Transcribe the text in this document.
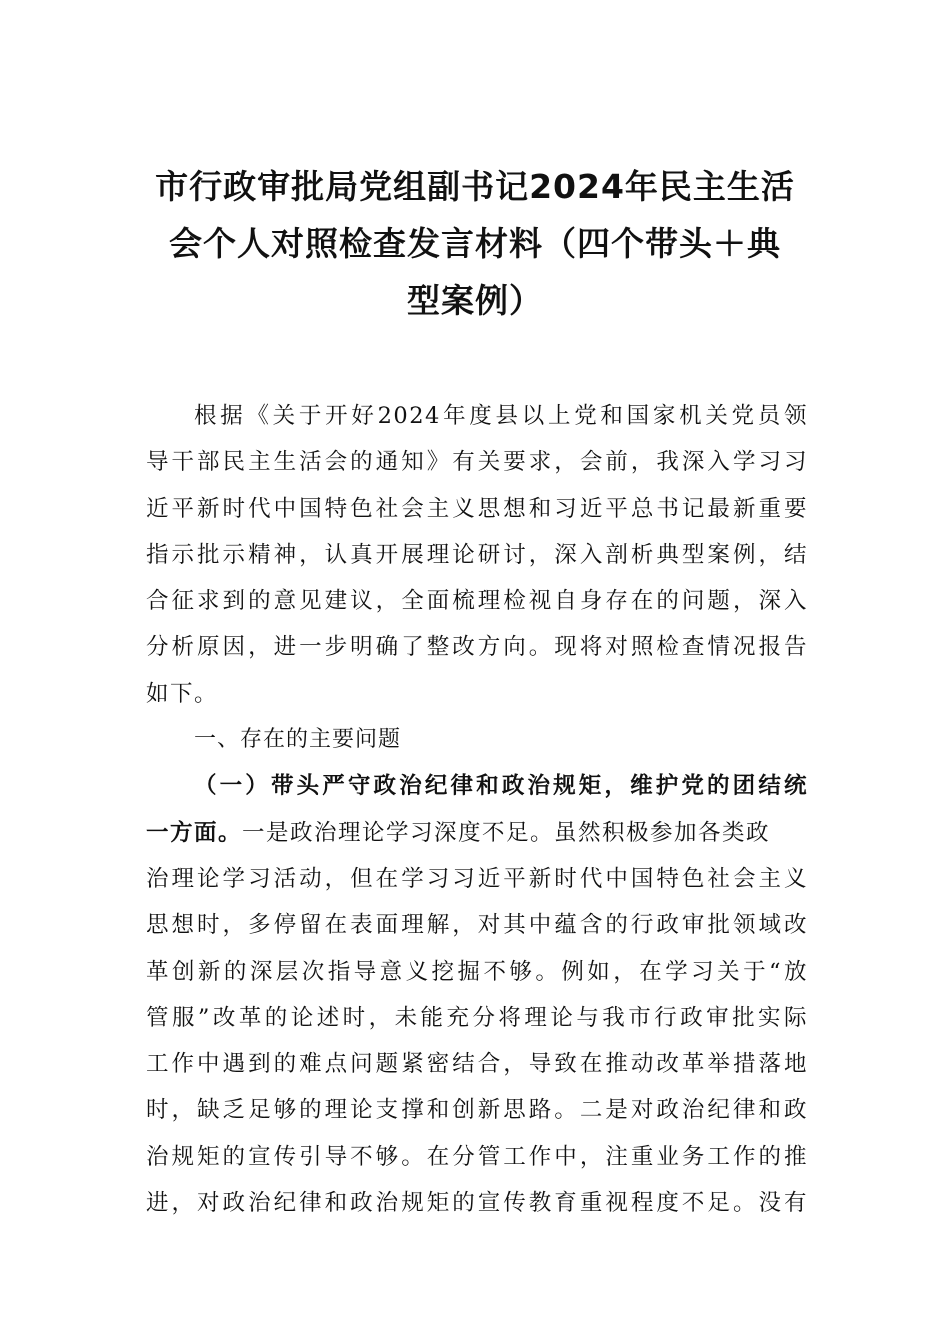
市行政审批局党组副书记2024年民主生活
会个人对照检查发言材料（四个带头＋典
型案例）
根据《关于开好2024年度县以上党和国家机关党员领
导干部民主生活会的通知》有关要求，会前，我深入学习习
近平新时代中国特色社会主义思想和习近平总书记最新重要
指示批示精神，认真开展理论研讨，深入剖析典型案例，结
合征求到的意见建议，全面梳理检视自身存在的问题，深入
分析原因，进一步明确了整改方向。现将对照检查情况报告
如下。
一、存在的主要问题
（一）带头严守政治纪律和政治规矩，维护党的团结统
一方面。一是政治理论学习深度不足。虽然积极参加各类政
治理论学习活动，但在学习习近平新时代中国特色社会主义
思想时，多停留在表面理解，对其中蕴含的行政审批领域改
革创新的深层次指导意义挖掘不够。例如，在学习关于“放
管服”改革的论述时，未能充分将理论与我市行政审批实际
工作中遇到的难点问题紧密结合，导致在推动改革举措落地
时，缺乏足够的理论支撑和创新思路。二是对政治纪律和政
治规矩的宣传引导不够。在分管工作中，注重业务工作的推
进，对政治纪律和政治规矩的宣传教育重视程度不足。没有
